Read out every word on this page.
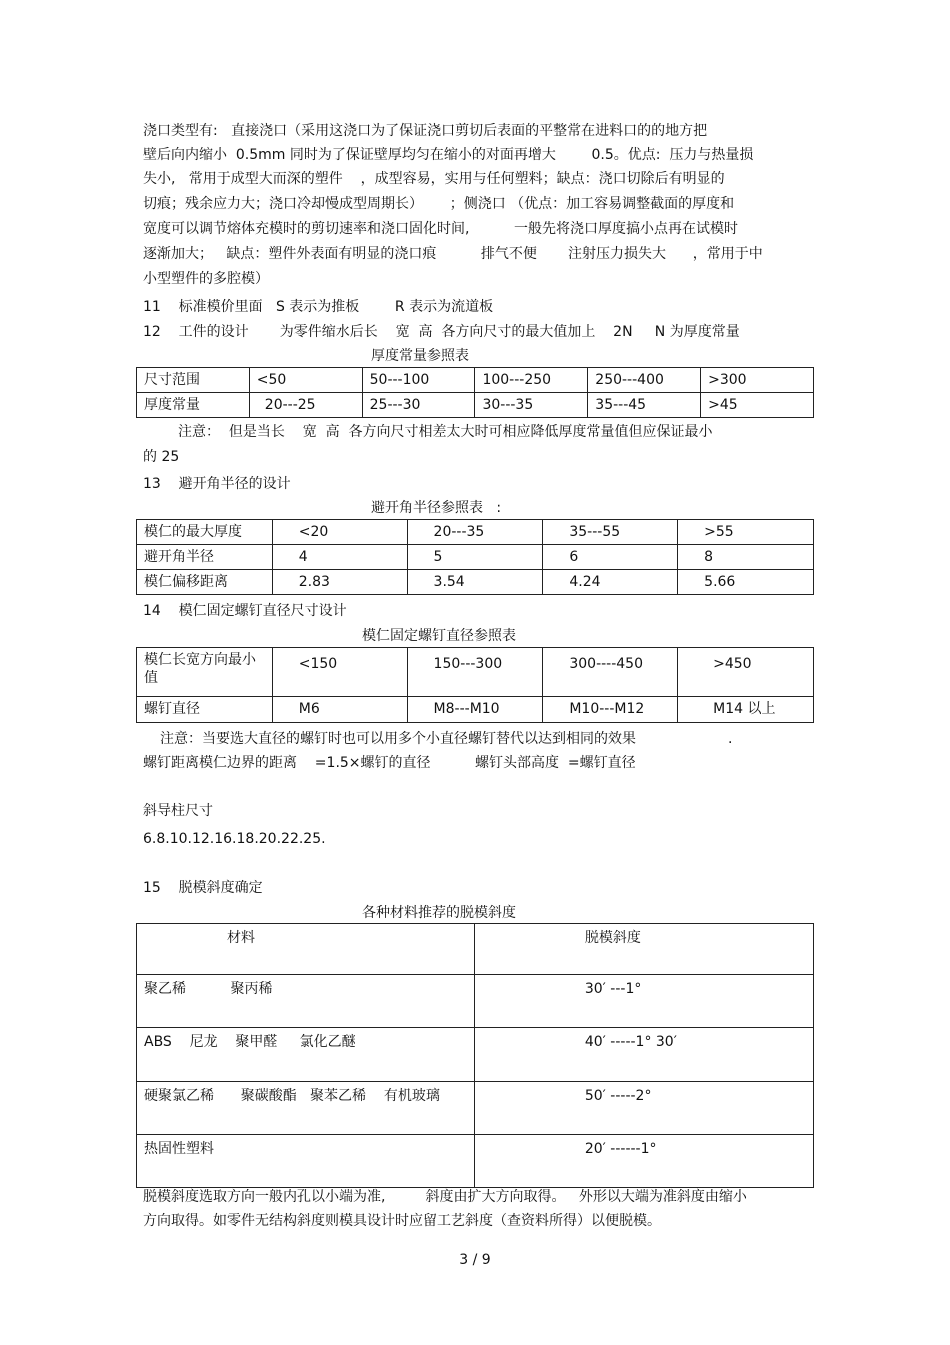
浇口类型有:   直接浇口（采用这浇口为了保证浇口剪切后表面的平整常在进料口的的地方把
壁后向内缩小  0.5mm 同时为了保证壁厚均匀在缩小的对面再增大        0.5。优点:  压力与热量损
失小,   常用于成型大而深的塑件    ，成型容易，实用与任何塑料；缺点：浇口切除后有明显的
切痕；残余应力大；浇口冷却慢成型周期长）      ；侧浇口 （优点：加工容易调整截面的厚度和
宽度可以调节熔体充模时的剪切速率和浇口固化时间,          一般先将浇口厚度搞小点再在试模时
逐渐加大；   缺点：塑件外表面有明显的浇口痕          排气不便       注射压力损失大      ，常用于中
小型塑件的多腔模）
11    标准模价里面   S 表示为推板        R 表示为流道板
12    工件的设计       为零件缩水后长    宽  高  各方向尺寸的最大值加上    2N     N 为厚度常量
厚度常量参照表
尺寸范围	<50	50---100	100---250	250---400	>300
厚度常量	20---25	25---30	30---35	35---45	>45
注意：  但是当长    宽  高  各方向尺寸相差太大时可相应降低厚度常量值但应保证最小
的 25
13    避开角半径的设计
避开角半径参照表   :
模仁的最大厚度	<20	20---35	35---55	>55
避开角半径	4	5	6	8
模仁偏移距离	2.83	3.54	4.24	5.66
14    模仁固定螺钉直径尺寸设计
模仁固定螺钉直径参照表
模仁长宽方向最小值	<150	150---300	300----450	>450
螺钉直径	M6	M8---M10	M10---M12	M14 以上
注意：当要选大直径的螺钉时也可以用多个小直径螺钉替代以达到相同的效果	.
螺钉距离模仁边界的距离    =1.5×螺钉的直径          螺钉头部高度  =螺钉直径
斜导柱尺寸
6.8.10.12.16.18.20.22.25.
15    脱模斜度确定
各种材料推荐的脱模斜度
材料	脱模斜度
聚乙稀          聚丙稀	30′ ---1°
ABS    尼龙    聚甲醛     氯化乙醚	40′ -----1° 30′
硬聚氯乙稀      聚碳酸酯   聚苯乙稀    有机玻璃	50′ -----2°
热固性塑料	20′ ------1°
脱模斜度选取方向一般内孔以小端为准,         斜度由扩大方向取得。   外形以大端为准斜度由缩小
方向取得。如零件无结构斜度则模具设计时应留工艺斜度（查资料所得）以便脱模。
3 / 9
